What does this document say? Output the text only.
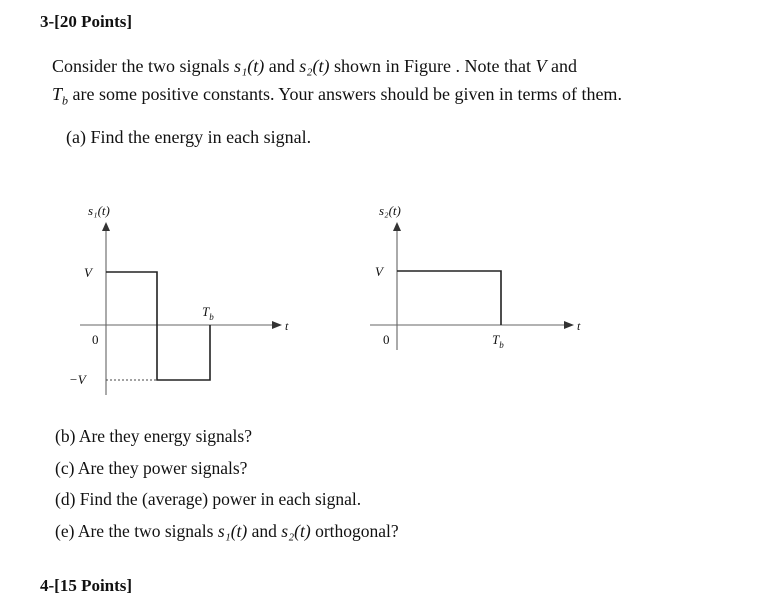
3-[20 Points]
Consider the two signals s₁(t) and s₂(t) shown in Figure . Note that V and
$T_b$ are some positive constants. Your answers should be given in terms of them.
(a) Find the energy in each signal.
s₁(t)
V
−V
0
$T_b$
t
s₂(t)
V
0	$T_b$
t
(b) Are they energy signals?
(c) Are they power signals?
(d) Find the (average) power in each signal.
(e) Are the two signals s₁(t) and s₂(t) orthogonal?
4-[15 Points]
